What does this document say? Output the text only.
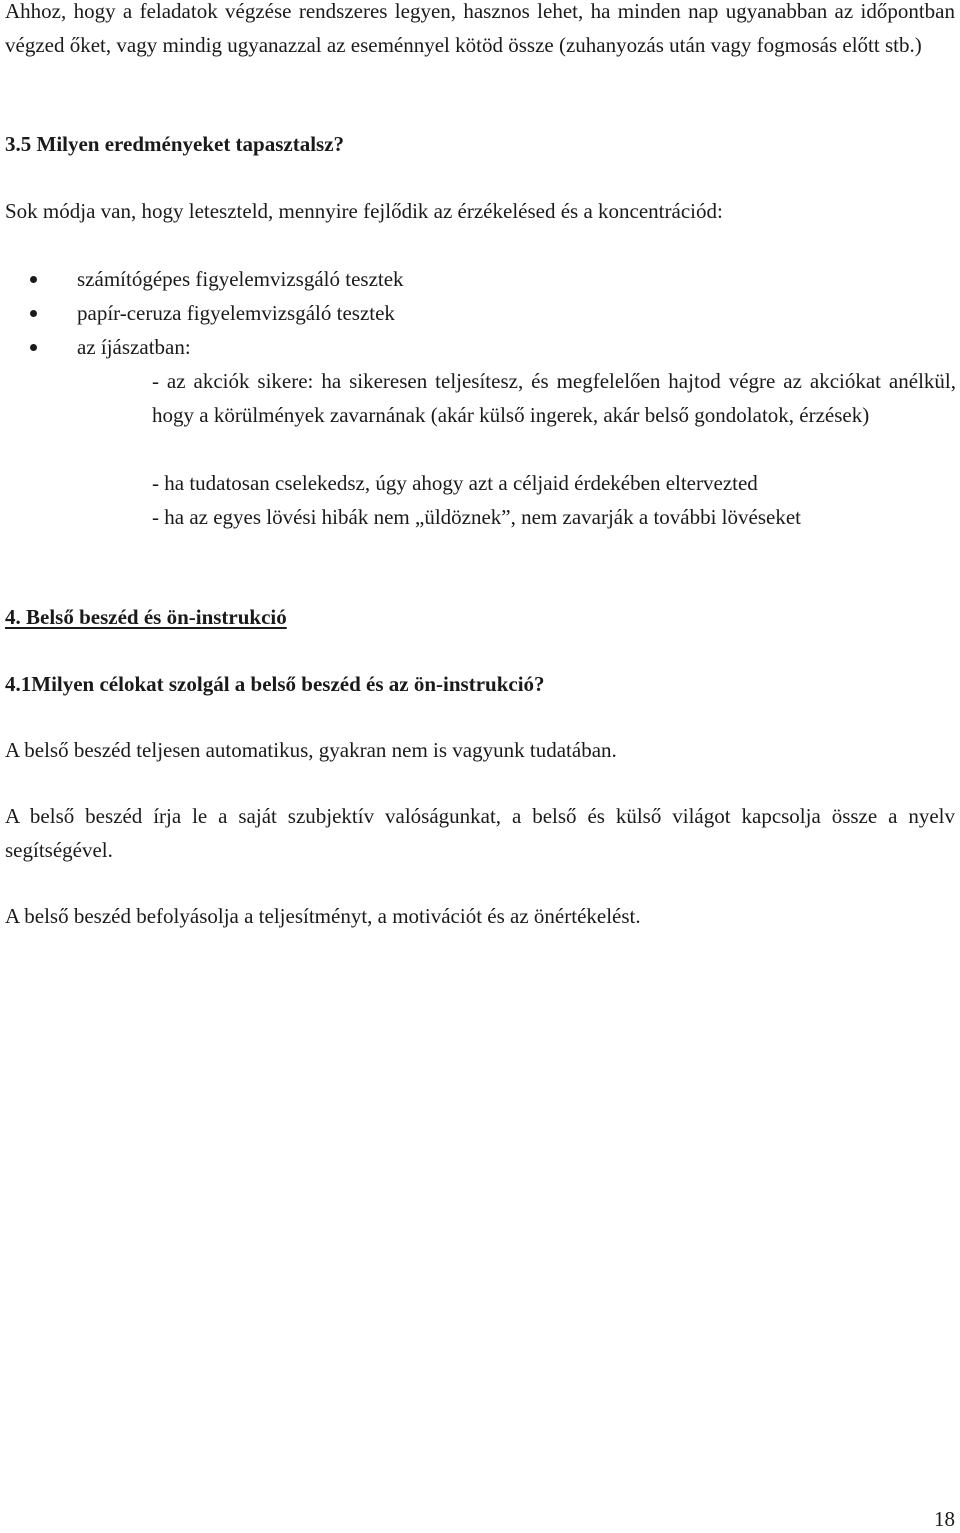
Ahhoz, hogy a feladatok végzése rendszeres legyen, hasznos lehet, ha minden nap ugyanabban az időpontban végzed őket, vagy mindig ugyanazzal az eseménnyel kötöd össze (zuhanyozás után vagy fogmosás előtt stb.)

3.5 Milyen eredményeket tapasztalsz?

Sok módja van, hogy leteszteld, mennyire fejlődik az érzékelésed és a koncentrációd:

számítógépes figyelemvizsgáló tesztek
papír-ceruza figyelemvizsgáló tesztek
az íjászatban:

- az akciók sikere: ha sikeresen teljesítesz, és megfelelően hajtod végre az akciókat anélkül, hogy a körülmények zavarnának (akár külső ingerek, akár belső gondolatok, érzések)

- ha tudatosan cselekedsz, úgy ahogy azt a céljaid érdekében eltervezted

- ha az egyes lövési hibák nem „üldöznek”, nem zavarják a további lövéseket

4. Belső beszéd és ön-instrukció

4.1Milyen célokat szolgál a belső beszéd és az ön-instrukció?

A belső beszéd teljesen automatikus, gyakran nem is vagyunk tudatában.

A belső beszéd írja le a saját szubjektív valóságunkat, a belső és külső világot kapcsolja össze a nyelv segítségével.

A belső beszéd befolyásolja a teljesítményt, a motivációt és az önértékelést.

18
